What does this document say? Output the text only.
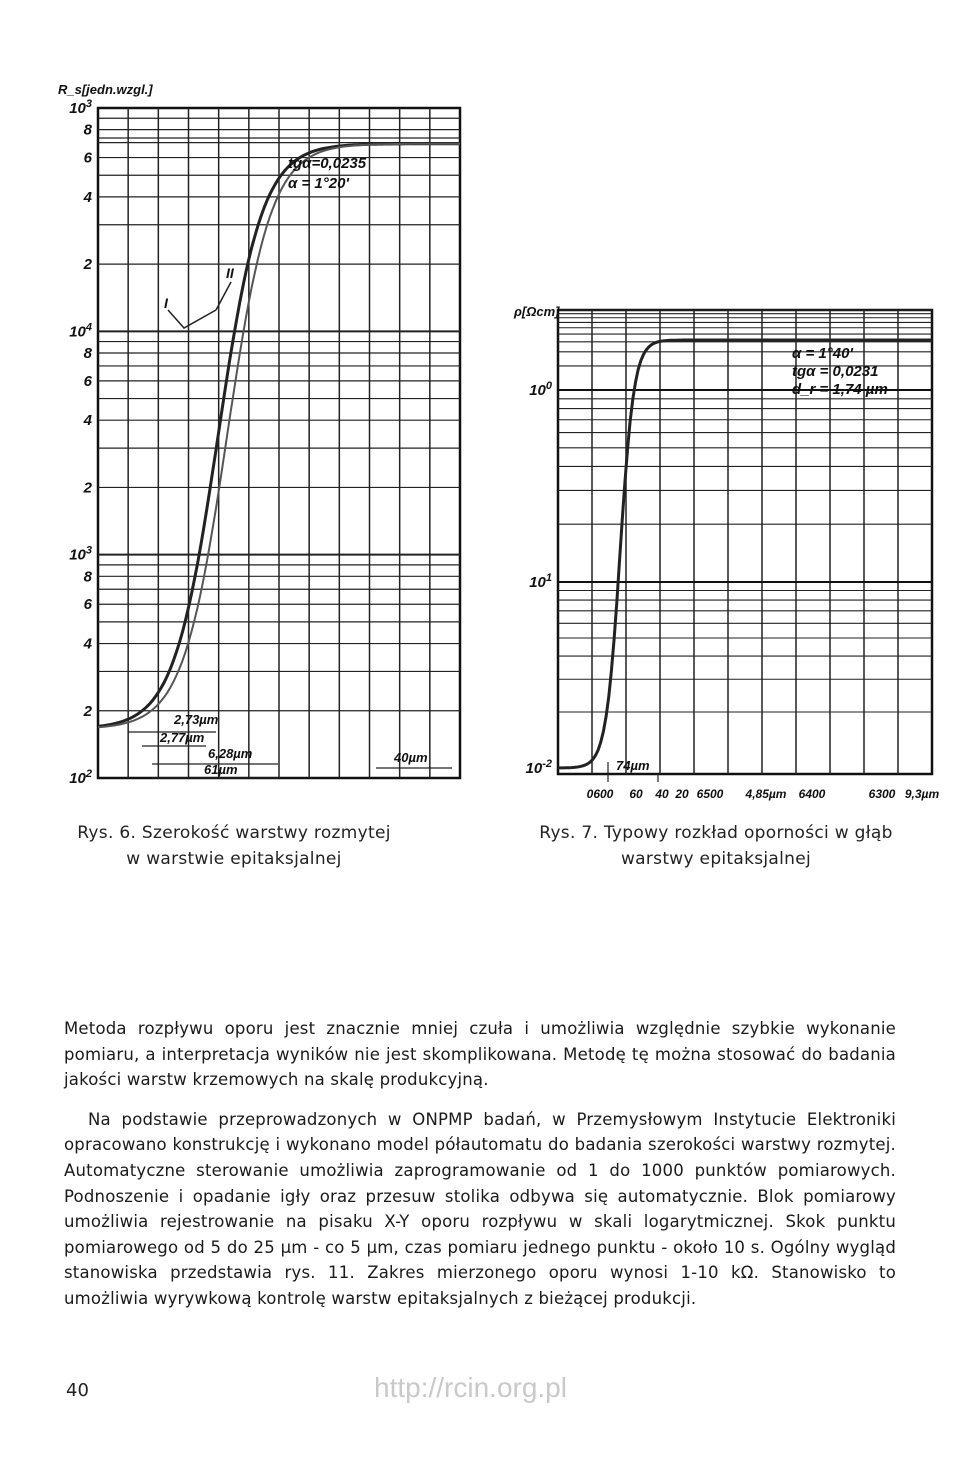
$10^3$
8
6
4
2
$10^4$
8
6
4
2
$10^3$
8
6
4
2
$10^2$
R_s[jedn.wzgl.]
tgα=0,0235
α = 1°20'
I
II
2,73µm
2,77µm
6,28µm
61µm
40µm
$10^0$
$10^1$
$10^{-2}$
0600 60 40 20 6500 4,85µm 6400	6300 9,3µm
ρ[Ωcm]
α = 1°40'
tgα = 0,0231
d_r = 1,74 µm
74µm
Rys. 6. Szerokość warstwy rozmytej
w warstwie epitaksjalnej
Rys. 7. Typowy rozkład oporności w głąb
warstwy epitaksjalnej

Metoda rozpływu oporu jest znacznie mniej czuła i umożliwia względnie szybkie wykonanie pomiaru, a interpretacja wyników nie jest skomplikowana. Metodę tę można stosować do badania jakości warstw krzemowych na skalę produkcyjną.

Na podstawie przeprowadzonych w ONPMP badań, w Przemysłowym Instytucie Elektroniki opracowano konstrukcję i wykonano model półautomatu do badania szerokości warstwy rozmytej. Automatyczne sterowanie umożliwia zaprogramowanie od 1 do 1000 punktów pomiarowych. Podnoszenie i opadanie igły oraz przesuw stolika odbywa się automatycznie. Blok pomiarowy umożliwia rejestrowanie na pisaku X-Y oporu rozpływu w skali logarytmicznej. Skok punktu pomiarowego od 5 do 25 µm - co 5 µm, czas pomiaru jednego punktu - około 10 s. Ogólny wygląd stanowiska przedstawia rys. 11. Zakres mierzonego oporu wynosi 1-10 kΩ. Stanowisko to umożliwia wyrywkową kontrolę warstw epitaksjalnych z bieżącej produkcji.

40	http://rcin.org.pl
